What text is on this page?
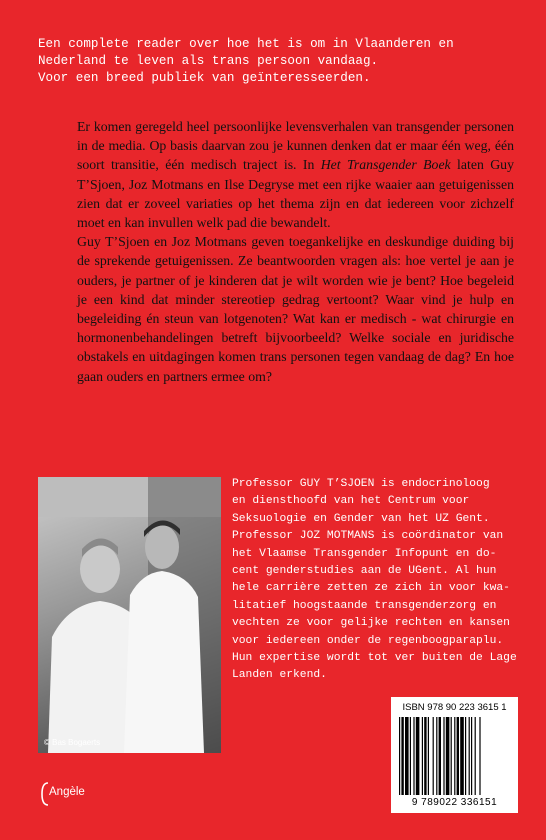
Een complete reader over hoe het is om in Vlaanderen en
Nederland te leven als trans persoon vandaag.
Voor een breed publiek van geïnteresseerden.

Er komen geregeld heel persoonlijke levensverhalen van transgender personen in de media. Op basis daarvan zou je kunnen denken dat er maar één weg, één soort transitie, één medisch traject is. In Het Transgender Boek laten Guy T’Sjoen, Joz Motmans en Ilse Degryse met een rijke waaier aan getuigenissen zien dat er zoveel variaties op het thema zijn en dat iedereen voor zichzelf moet en kan invullen welk pad die bewandelt.

Guy T’Sjoen en Joz Motmans geven toegankelijke en deskundige duiding bij de sprekende getuigenissen. Ze beantwoorden vragen als: hoe vertel je aan je ouders, je partner of je kinderen dat je wilt worden wie je bent? Hoe begeleid je een kind dat minder stereotiep gedrag vertoont? Waar vind je hulp en begeleiding én steun van lotgenoten? Wat kan er medisch - wat chirurgie en hormonenbehandelingen betreft bijvoorbeeld? Welke sociale en juridische obstakels en uitdagingen komen trans personen tegen vandaag de dag? En hoe gaan ouders en partners ermee om?

© Bas Bogaerts
Professor GUY T’SJOEN is endocrinoloog
en diensthoofd van het Centrum voor
Seksuologie en Gender van het UZ Gent.
Professor JOZ MOTMANS is coördinator van
het Vlaamse Transgender Infopunt en do-
cent genderstudies aan de UGent. Al hun
hele carrière zetten ze zich in voor kwa-
litatief hoogstaande transgenderzorg en
vechten ze voor gelijke rechten en kansen
voor iedereen onder de regenboogparaplu.
Hun expertise wordt tot ver buiten de Lage
Landen erkend.
Angèle
ISBN 978 90 223 3615 1
9 789022 336151
